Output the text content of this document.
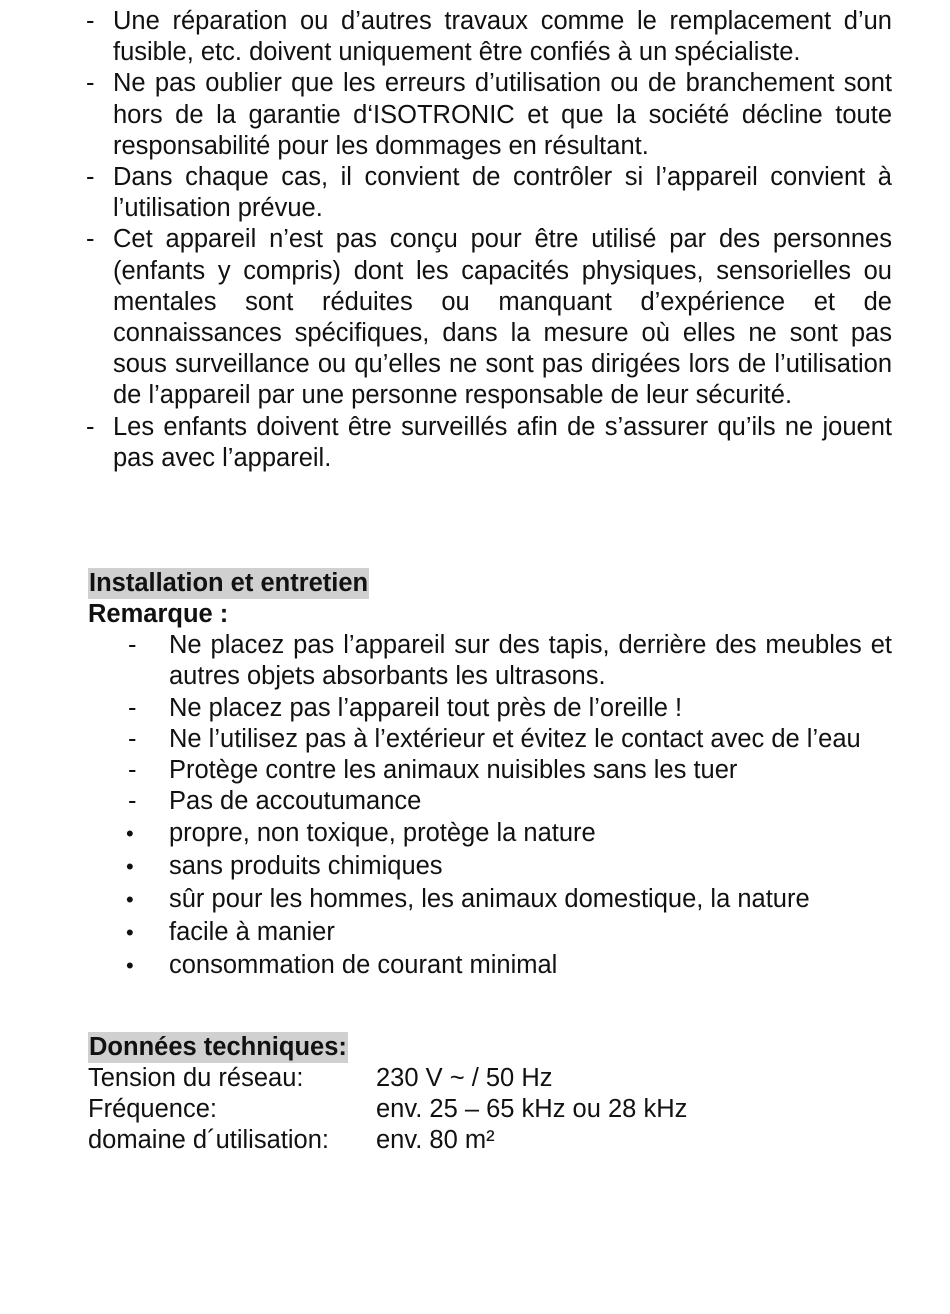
- Une réparation ou d’autres travaux comme le remplacement d’un fusible, etc. doivent uniquement être confiés à un spécialiste.
- Ne pas oublier que les erreurs d’utilisation ou de branchement sont hors de la garantie d‘ISOTRONIC et que la société décline toute responsabilité pour les dommages en résultant.
- Dans chaque cas, il convient de contrôler si l’appareil convient à l’utilisation prévue.
- Cet appareil n’est pas conçu pour être utilisé par des personnes (enfants y compris) dont les capacités physiques, sensorielles ou mentales sont réduites ou manquant d’expérience et de connaissances spécifiques, dans la mesure où elles ne sont pas sous surveillance ou qu’elles ne sont pas dirigées lors de l’utilisation de l’appareil par une personne responsable de leur sécurité.
- Les enfants doivent être surveillés afin de s’assurer qu’ils ne jouent pas avec l’appareil.
Installation et entretien
Remarque :
- Ne placez pas l’appareil sur des tapis, derrière des meubles et autres objets absorbants les ultrasons.
- Ne placez pas l’appareil tout près de l’oreille !
- Ne l’utilisez pas à l’extérieur et évitez le contact avec de l’eau
- Protège contre les animaux nuisibles sans les tuer
- Pas de accoutumance
• propre, non toxique, protège la nature
• sans produits chimiques
• sûr pour les hommes, les animaux domestique, la nature
• facile à manier
• consommation de courant minimal
Données techniques:
Tension du réseau:	230 V ~ / 50 Hz
Fréquence:	env. 25 – 65 kHz ou 28 kHz
domaine d´utilisation:	env. 80 m²
